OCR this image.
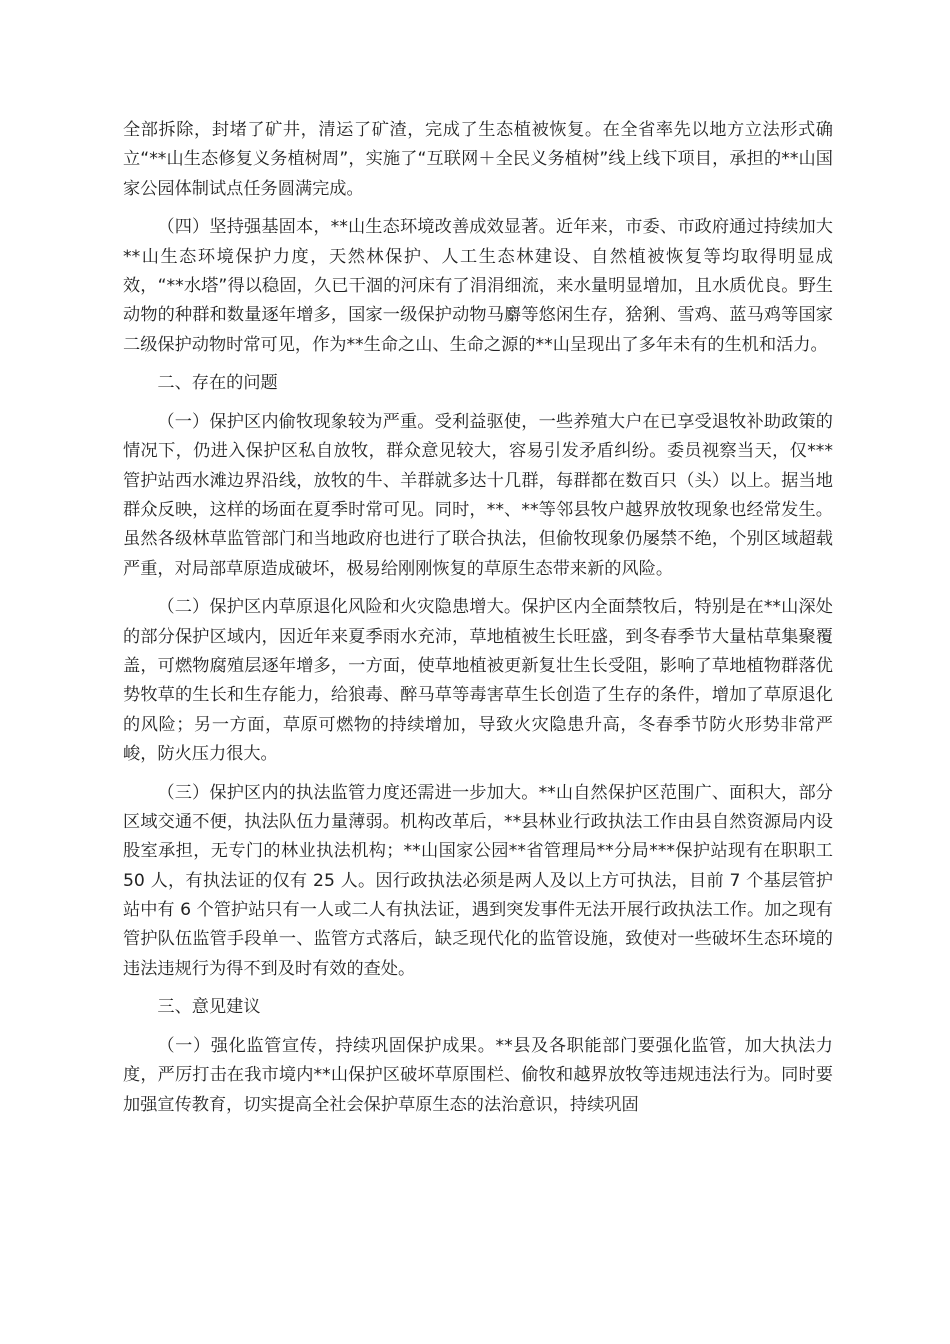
全部拆除，封堵了矿井，清运了矿渣，完成了生态植被恢复。在全省率先以地方立法形式确立“**山生态修复义务植树周”，实施了“互联网＋全民义务植树”线上线下项目，承担的**山国家公园体制试点任务圆满完成。

（四）坚持强基固本，**山生态环境改善成效显著。近年来，市委、市政府通过持续加大**山生态环境保护力度，天然林保护、人工生态林建设、自然植被恢复等均取得明显成效，“**水塔”得以稳固，久已干涸的河床有了涓涓细流，来水量明显增加，且水质优良。野生动物的种群和数量逐年增多，国家一级保护动物马麝等悠闲生存，猞猁、雪鸡、蓝马鸡等国家二级保护动物时常可见，作为**生命之山、生命之源的**山呈现出了多年未有的生机和活力。

二、存在的问题

（一）保护区内偷牧现象较为严重。受利益驱使，一些养殖大户在已享受退牧补助政策的情况下，仍进入保护区私自放牧，群众意见较大，容易引发矛盾纠纷。委员视察当天，仅***管护站西水滩边界沿线，放牧的牛、羊群就多达十几群，每群都在数百只（头）以上。据当地群众反映，这样的场面在夏季时常可见。同时，**、**等邻县牧户越界放牧现象也经常发生。虽然各级林草监管部门和当地政府也进行了联合执法，但偷牧现象仍屡禁不绝，个别区域超载严重，对局部草原造成破坏，极易给刚刚恢复的草原生态带来新的风险。

（二）保护区内草原退化风险和火灾隐患增大。保护区内全面禁牧后，特别是在**山深处的部分保护区域内，因近年来夏季雨水充沛，草地植被生长旺盛，到冬春季节大量枯草集聚覆盖，可燃物腐殖层逐年增多，一方面，使草地植被更新复壮生长受阻，影响了草地植物群落优势牧草的生长和生存能力，给狼毒、醉马草等毒害草生长创造了生存的条件，增加了草原退化的风险；另一方面，草原可燃物的持续增加，导致火灾隐患升高，冬春季节防火形势非常严峻，防火压力很大。

（三）保护区内的执法监管力度还需进一步加大。**山自然保护区范围广、面积大，部分区域交通不便，执法队伍力量薄弱。机构改革后，**县林业行政执法工作由县自然资源局内设股室承担，无专门的林业执法机构；**山国家公园**省管理局**分局***保护站现有在职职工 50 人，有执法证的仅有 25 人。因行政执法必须是两人及以上方可执法，目前 7 个基层管护站中有 6 个管护站只有一人或二人有执法证，遇到突发事件无法开展行政执法工作。加之现有管护队伍监管手段单一、监管方式落后，缺乏现代化的监管设施，致使对一些破坏生态环境的违法违规行为得不到及时有效的查处。

三、意见建议

（一）强化监管宣传，持续巩固保护成果。**县及各职能部门要强化监管，加大执法力度，严厉打击在我市境内**山保护区破坏草原围栏、偷牧和越界放牧等违规违法行为。同时要加强宣传教育，切实提高全社会保护草原生态的法治意识，持续巩固
